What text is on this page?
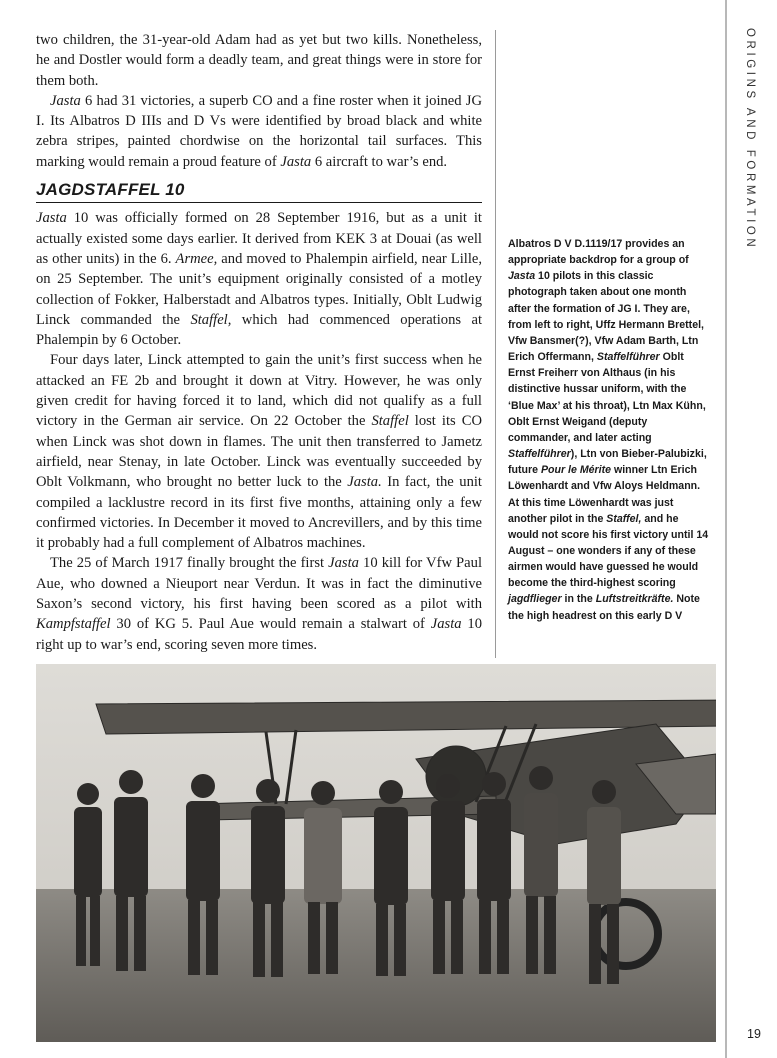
two children, the 31-year-old Adam had as yet but two kills. Nonetheless, he and Dostler would form a deadly team, and great things were in store for them both.

Jasta 6 had 31 victories, a superb CO and a fine roster when it joined JG I. Its Albatros D IIIs and D Vs were identified by broad black and white zebra stripes, painted chordwise on the horizontal tail surfaces. This marking would remain a proud feature of Jasta 6 aircraft to war’s end.

JAGDSTAFFEL 10

Jasta 10 was officially formed on 28 September 1916, but as a unit it actually existed some days earlier. It derived from KEK 3 at Douai (as well as other units) in the 6. Armee, and moved to Phalempin airfield, near Lille, on 25 September. The unit’s equipment originally consisted of a motley collection of Fokker, Halberstadt and Albatros types. Initially, Oblt Ludwig Linck commanded the Staffel, which had commenced operations at Phalempin by 6 October.

Four days later, Linck attempted to gain the unit’s first success when he attacked an FE 2b and brought it down at Vitry. However, he was only given credit for having forced it to land, which did not qualify as a full victory in the German air service. On 22 October the Staffel lost its CO when Linck was shot down in flames. The unit then transferred to Jametz airfield, near Stenay, in late October. Linck was eventually succeeded by Oblt Volkmann, who brought no better luck to the Jasta. In fact, the unit compiled a lacklustre record in its first five months, attaining only a few confirmed victories. In December it moved to Ancrevillers, and by this time it probably had a full complement of Albatros machines.

The 25 of March 1917 finally brought the first Jasta 10 kill for Vfw Paul Aue, who downed a Nieuport near Verdun. It was in fact the diminutive Saxon’s second victory, his first having been scored as a pilot with Kampfstaffel 30 of KG 5. Paul Aue would remain a stalwart of Jasta 10 right up to war’s end, scoring seven more times.

Albatros D V D.1119/17 provides an appropriate backdrop for a group of Jasta 10 pilots in this classic photograph taken about one month after the formation of JG I. They are, from left to right, Uffz Hermann Brettel, Vfw Bansmer(?), Vfw Adam Barth, Ltn Erich Offermann, Staffelführer Oblt Ernst Freiherr von Althaus (in his distinctive hussar uniform, with the ‘Blue Max’ at his throat), Ltn Max Kühn, Oblt Ernst Weigand (deputy commander, and later acting Staffelführer), Ltn von Bieber-Palubizki, future Pour le Mérite winner Ltn Erich Löwenhardt and Vfw Aloys Heldmann. At this time Löwenhardt was just another pilot in the Staffel, and he would not score his first victory until 14 August – one wonders if any of these airmen would have guessed he would become the third-highest scoring jagdflieger in the Luftstreitkräfte. Note the high headrest on this early D V
ORIGINS AND FORMATION
19
